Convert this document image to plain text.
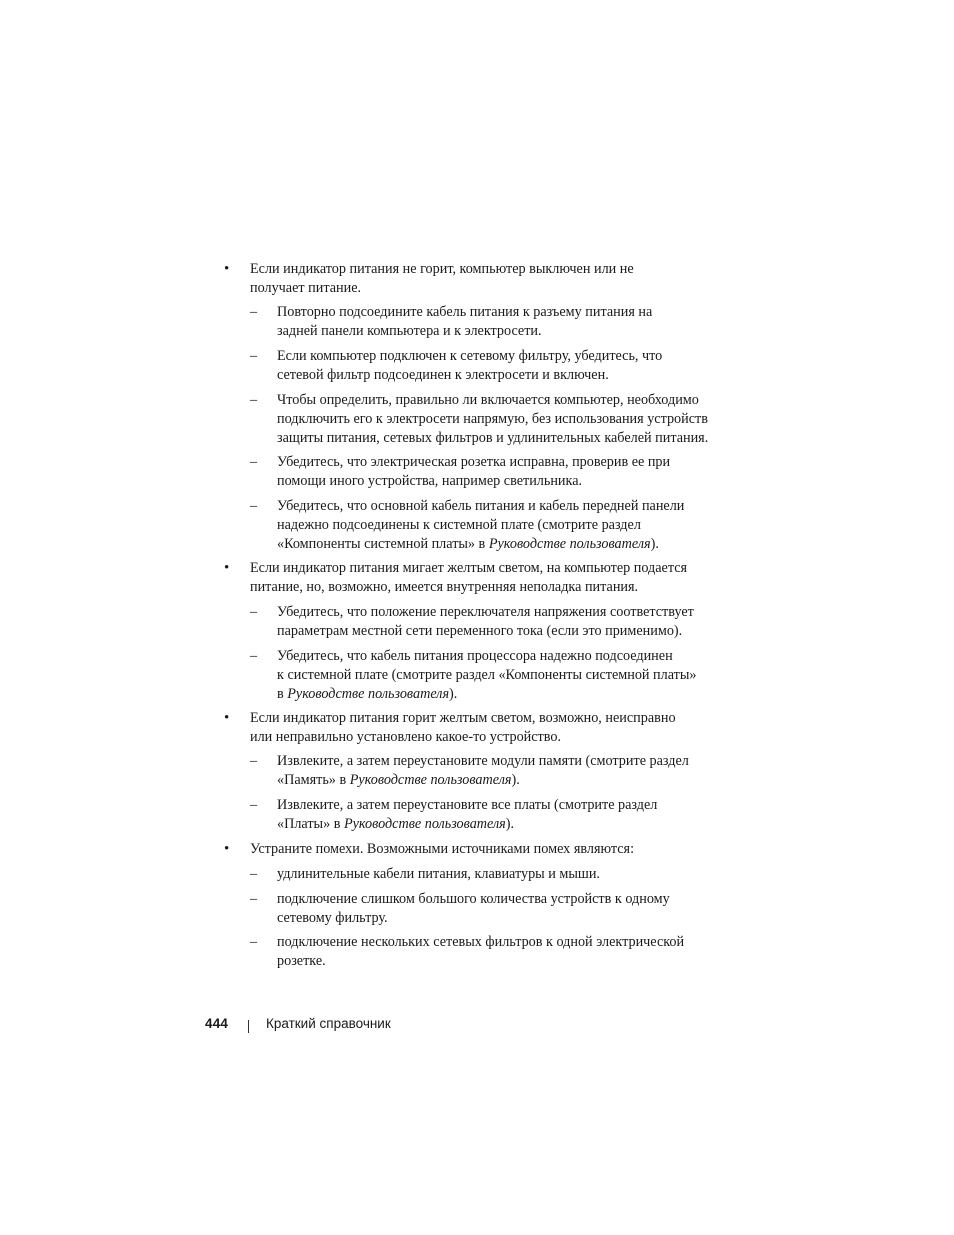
• Если индикатор питания не горит, компьютер выключен или не
получает питание.
– Повторно подсоедините кабель питания к разъему питания на
задней панели компьютера и к электросети.
– Если компьютер подключен к сетевому фильтру, убедитесь, что
сетевой фильтр подсоединен к электросети и включен.
– Чтобы определить, правильно ли включается компьютер, необходимо
подключить его к электросети напрямую, без использования устройств
защиты питания, сетевых фильтров и удлинительных кабелей питания.
– Убедитесь, что электрическая розетка исправна, проверив ее при
помощи иного устройства, например светильника.
– Убедитесь, что основной кабель питания и кабель передней панели
надежно подсоединены к системной плате (смотрите раздел
«Компоненты системной платы» в Руководстве пользователя).
• Если индикатор питания мигает желтым светом, на компьютер подается
питание, но, возможно, имеется внутренняя неполадка питания.
– Убедитесь, что положение переключателя напряжения соответствует
параметрам местной сети переменного тока (если это применимо).
– Убедитесь, что кабель питания процессора надежно подсоединен
к системной плате (смотрите раздел «Компоненты системной платы»
в Руководстве пользователя).
• Если индикатор питания горит желтым светом, возможно, неисправно
или неправильно установлено какое-то устройство.
– Извлеките, а затем переустановите модули памяти (смотрите раздел
«Память» в Руководстве пользователя).
– Извлеките, а затем переустановите все платы (смотрите раздел
«Платы» в Руководстве пользователя).
• Устраните помехи. Возможными источниками помех являются:
– удлинительные кабели питания, клавиатуры и мыши.
– подключение слишком большого количества устройств к одному
сетевому фильтру.
– подключение нескольких сетевых фильтров к одной электрической
розетке.
444	Краткий справочник
